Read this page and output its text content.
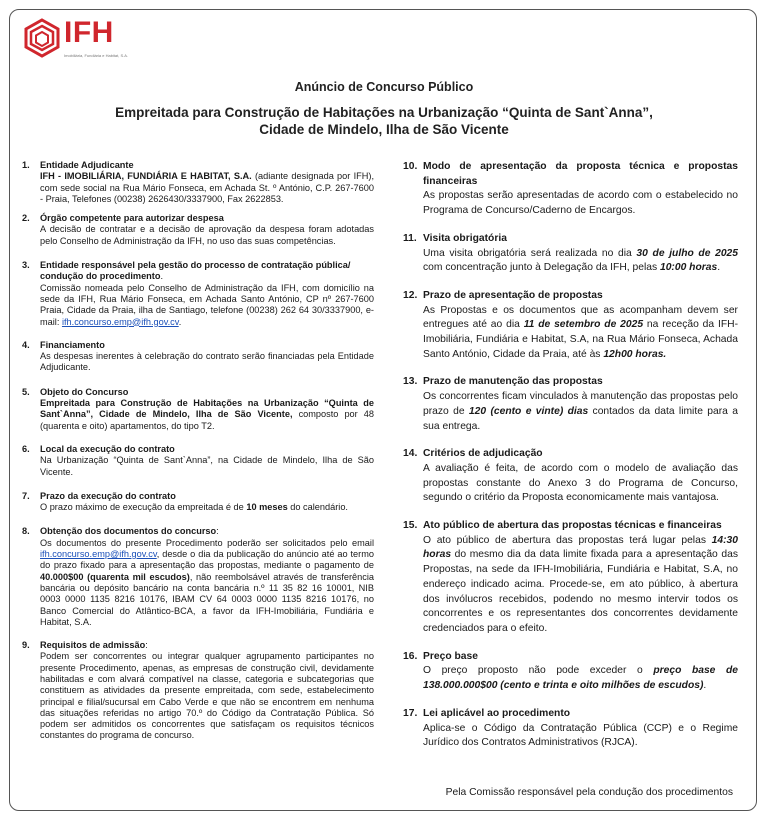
IFH
Imobiliária, Fundiária e Habitat, S.A.
Anúncio de Concurso Público
Empreitada para Construção de Habitações na Urbanização “Quinta de Sant`Anna”,
Cidade de Mindelo, Ilha de São Vicente
1. Entidade Adjudicante
IFH - IMOBILIÁRIA, FUNDIÁRIA E HABITAT, S.A. (adiante designada por IFH), com sede social na Rua Mário Fonseca, em Achada St. º António, C.P. 267-7600 - Praia, Telefones (00238) 2626430/3337900, Fax 2622853.
2. Órgão competente para autorizar despesa
A decisão de contratar e a decisão de aprovação da despesa foram adotadas pelo Conselho de Administração da IFH, no uso das suas competências.
3. Entidade responsável pela gestão do processo de contratação pública/ condução do procedimento.
Comissão nomeada pelo Conselho de Administração da IFH, com domicílio na sede da IFH, Rua Mário Fonseca, em Achada Santo António, CP nº 267-7600 Praia, Cidade da Praia, ilha de Santiago, telefone (00238) 262 64 30/3337900, e-mail: ifh.concurso.emp@ifh.gov.cv.
4. Financiamento
As despesas inerentes à celebração do contrato serão financiadas pela Entidade Adjudicante.
5. Objeto do Concurso
Empreitada para Construção de Habitações na Urbanização “Quinta de Sant`Anna”, Cidade de Mindelo, Ilha de São Vicente, composto por 48 (quarenta e oito) apartamentos, do tipo T2.
6. Local da execução do contrato
Na Urbanização “Quinta de Sant`Anna”, na Cidade de Mindelo, Ilha de São Vicente.
7. Prazo da execução do contrato
O prazo máximo de execução da empreitada é de 10 meses do calendário.
8. Obtenção dos documentos do concurso:
Os documentos do presente Procedimento poderão ser solicitados pelo email ifh.concurso.emp@ifh.gov.cv, desde o dia da publicação do anúncio até ao termo do prazo fixado para a apresentação das propostas, mediante o pagamento de 40.000$00 (quarenta mil escudos), não reembolsável através de transferência bancária ou depósito bancário na conta bancária n.º 11 35 82 16 10001, NIB 0003 0000 1135 8216 10176, IBAM CV 64 0003 0000 1135 8216 10176, no Banco Comercial do Atlântico-BCA, a favor da IFH-Imobiliária, Fundiária e Habitat, S.A.
9. Requisitos de admissão:
Podem ser concorrentes ou integrar qualquer agrupamento participantes no presente Procedimento, apenas, as empresas de construção civil, devidamente habilitadas e com alvará compatível na classe, categoria e subcategorias que constituem as atividades da presente empreitada, com sede, estabelecimento principal e filial/sucursal em Cabo Verde e que não se encontrem em nenhuma das situações referidas no artigo 70.º do Código da Contratação Pública. Só podem ser admitidos os concorrentes que satisfaçam os requisitos técnicos constantes do programa de concurso.
10. Modo de apresentação da proposta técnica e propostas financeiras
As propostas serão apresentadas de acordo com o estabelecido no Programa de Concurso/Caderno de Encargos.
11. Visita obrigatória
Uma visita obrigatória será realizada no dia 30 de julho de 2025 com concentração junto à Delegação da IFH, pelas 10:00 horas.
12. Prazo de apresentação de propostas
As Propostas e os documentos que as acompanham devem ser entregues até ao dia 11 de setembro de 2025 na receção da IFH-Imobiliária, Fundiária e Habitat, S.A, na Rua Mário Fonseca, Achada Santo António, Cidade da Praia, até às 12h00 horas.
13. Prazo de manutenção das propostas
Os concorrentes ficam vinculados à manutenção das propostas pelo prazo de 120 (cento e vinte) dias contados da data limite para a sua entrega.
14. Critérios de adjudicação
A avaliação é feita, de acordo com o modelo de avaliação das propostas constante do Anexo 3 do Programa de Concurso, segundo o critério da Proposta economicamente mais vantajosa.
15. Ato público de abertura das propostas técnicas e financeiras
O ato público de abertura das propostas terá lugar pelas 14:30 horas do mesmo dia da data limite fixada para a apresentação das Propostas, na sede da IFH-Imobiliária, Fundiária e Habitat, S.A, no endereço indicado acima. Procede-se, em ato público, à abertura dos invólucros recebidos, podendo no mesmo intervir todos os concorrentes e os representantes dos concorrentes devidamente credenciados para o efeito.
16. Preço base
O preço proposto não pode exceder o preço base de 138.000.000$00 (cento e trinta e oito milhões de escudos).
17. Lei aplicável ao procedimento
Aplica-se o Código da Contratação Pública (CCP) e o Regime Jurídico dos Contratos Administrativos (RJCA).
Pela Comissão responsável pela condução dos procedimentos
